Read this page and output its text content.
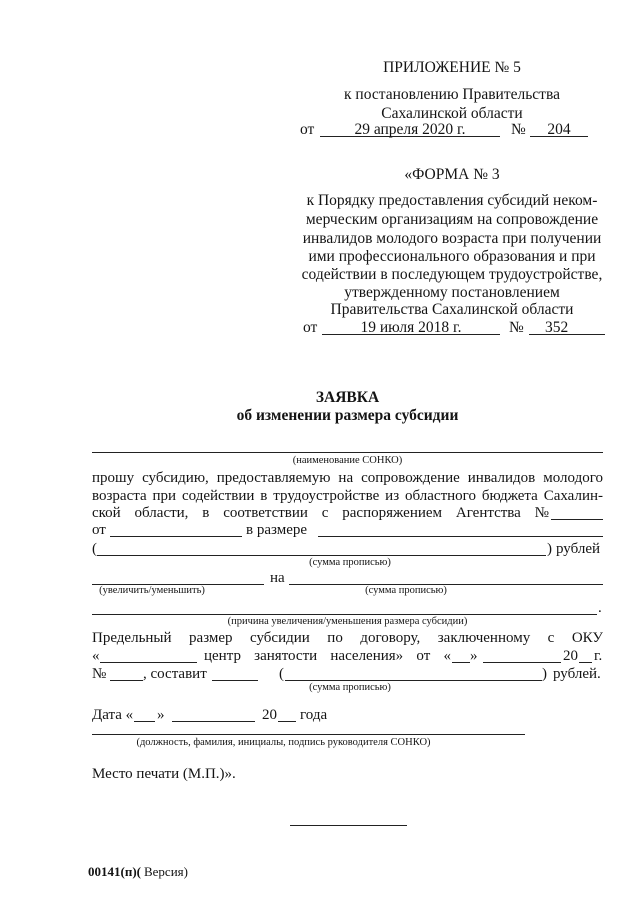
ПРИЛОЖЕНИЕ № 5
к постановлению Правительства
Сахалинской области
от	29 апреля 2020 г.	№	204
«ФОРМА № 3
к Порядку предоставления субсидий неком-
мерческим организациям на сопровождение
инвалидов молодого возраста при получении
ими профессионального образования и при
содействии в последующем трудоустройстве,
утвержденному постановлением
Правительства Сахалинской области
от	19 июля 2018 г.	№	352
ЗАЯВКА
об изменении размера субсидии
(наименование СОНКО)
прошу субсидию, предоставляемую на сопровождение инвалидов молодого
возраста при содействии в трудоустройстве из областного бюджета Сахалин-
ской области, в соответствии с распоряжением Агентства №
от	в размере
(	) рублей
(сумма прописью)
на
(увеличить/уменьшить)	(сумма прописью)
.
(причина увеличения/уменьшения размера субсидии)
Предельный размер субсидии по договору, заключенному с ОКУ
«	центр занятости населения» от « »	20 г.
№ , составит	(	) рублей.
(сумма прописью)
Дата « »	20 года
(должность, фамилия, инициалы, подпись руководителя СОНКО)
Место печати (М.П.)».
00141(п)( Версия)
